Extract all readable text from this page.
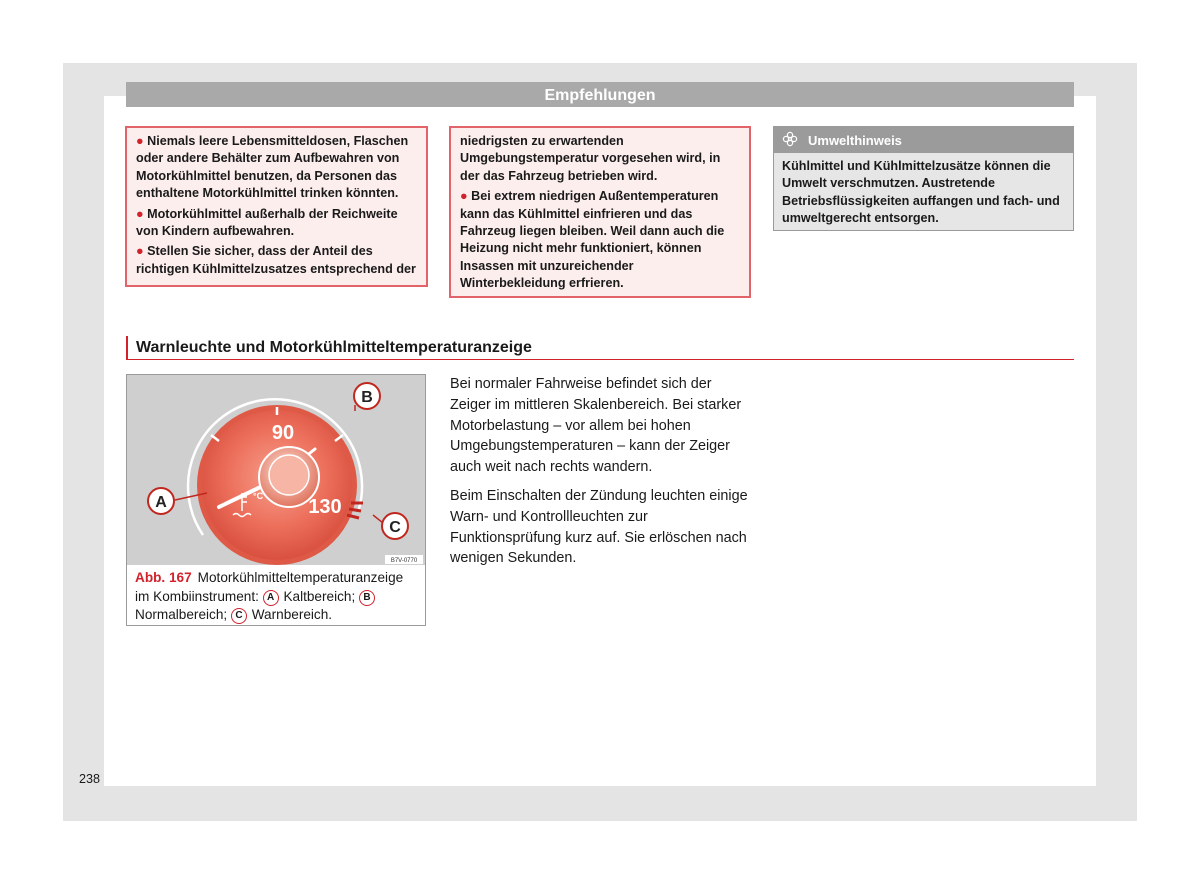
Empfehlungen

● Niemals leere Lebensmitteldosen, Flaschen oder andere Behälter zum Aufbewahren von Motorkühlmittel benutzen, da Personen das enthaltene Motorkühlmittel trinken könnten.

● Motorkühlmittel außerhalb der Reichweite von Kindern aufbewahren.

● Stellen Sie sicher, dass der Anteil des richtigen Kühlmittelzusatzes entsprechend der

niedrigsten zu erwartenden Umgebungstemperatur vorgesehen wird, in der das Fahrzeug betrieben wird.

● Bei extrem niedrigen Außentemperaturen kann das Kühlmittel einfrieren und das Fahrzeug liegen bleiben. Weil dann auch die Heizung nicht mehr funktioniert, können Insassen mit unzureichender Winterbekleidung erfrieren.

Umwelthinweis
Kühlmittel und Kühlmittelzusätze können die Umwelt verschmutzen. Austretende Betriebsflüssigkeiten auffangen und fach- und umweltgerecht entsorgen.
Warnleuchte und Motorkühlmitteltemperaturanzeige
90
130
°C
A
B
C
B7V-0770
Abb. 167 Motorkühlmitteltemperaturanzeige im Kombiinstrument: A Kaltbereich; B Normalbereich; C Warnbereich.

Bei normaler Fahrweise befindet sich der Zeiger im mittleren Skalenbereich. Bei starker Motorbelastung – vor allem bei hohen Umgebungstemperaturen – kann der Zeiger auch weit nach rechts wandern.

Beim Einschalten der Zündung leuchten einige Warn- und Kontrollleuchten zur Funktionsprüfung kurz auf. Sie erlöschen nach wenigen Sekunden.

238
